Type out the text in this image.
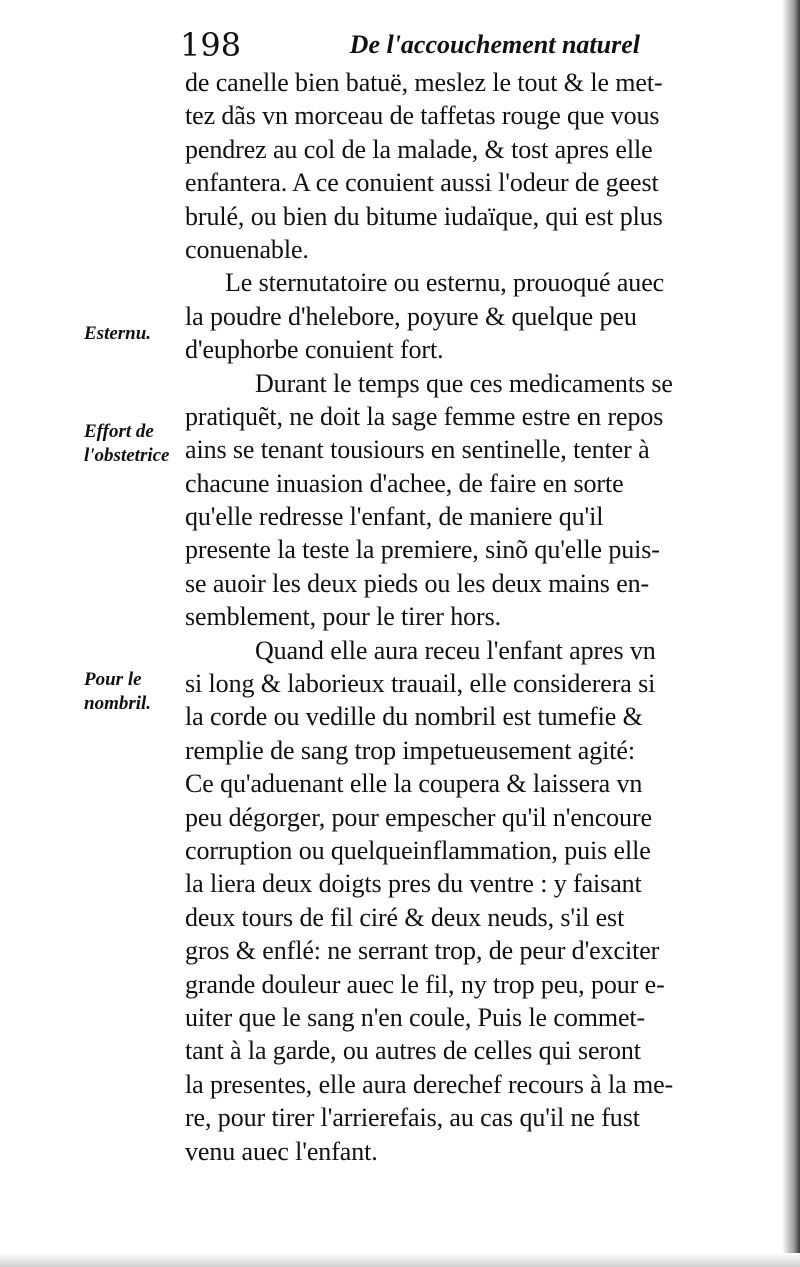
198	De l'accouchement naturel
Esternu.
Effort de
l'obstetrice
Pour le
nombril.
de canelle bien batuë, meslez le tout & le met-
tez dãs vn morceau de taffetas rouge que vous
pendrez au col de la malade, & tost apres elle
enfantera. A ce conuient aussi l'odeur de geest
brulé, ou bien du bitume iudaïque, qui est plus
conuenable.
Le sternutatoire ou esternu, prouoqué auec
la poudre d'helebore, poyure & quelque peu
d'euphorbe conuient fort.
Durant le temps que ces medicaments se
pratiquẽt, ne doit la sage femme estre en repos
ains se tenant tousiours en sentinelle, tenter à
chacune inuasion d'achee, de faire en sorte
qu'elle redresse l'enfant, de maniere qu'il
presente la teste la premiere, sinõ qu'elle puis-
se auoir les deux pieds ou les deux mains en-
semblement, pour le tirer hors.
Quand elle aura receu l'enfant apres vn
si long & laborieux trauail, elle considerera si
la corde ou vedille du nombril est tumefie &
remplie de sang trop impetueusement agité:
Ce qu'aduenant elle la coupera & laissera vn
peu dégorger, pour empescher qu'il n'encoure
corruption ou quelqueinflammation, puis elle
la liera deux doigts pres du ventre : y faisant
deux tours de fil ciré & deux neuds, s'il est
gros & enflé: ne serrant trop, de peur d'exciter
grande douleur auec le fil, ny trop peu, pour e-
uiter que le sang n'en coule, Puis le commet-
tant à la garde, ou autres de celles qui seront
la presentes, elle aura derechef recours à la me-
re, pour tirer l'arrierefais, au cas qu'il ne fust
venu auec l'enfant.
